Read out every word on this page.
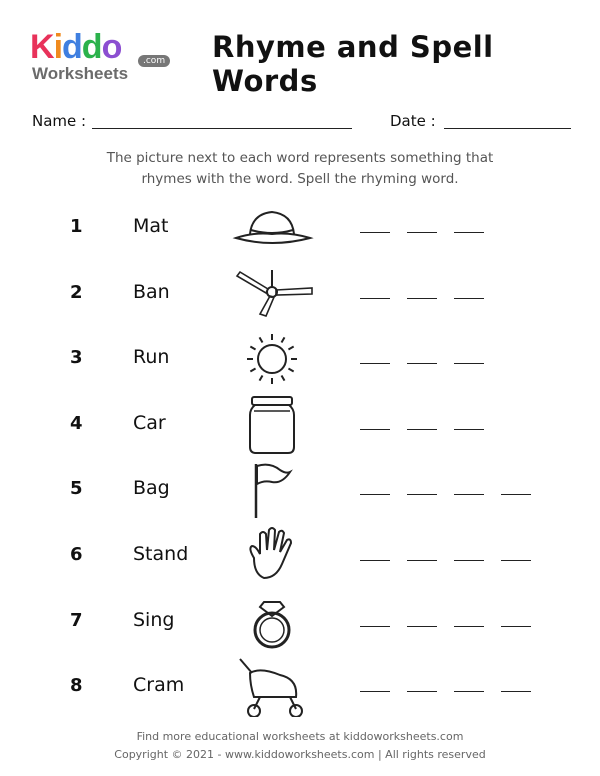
Kiddo
Worksheets
.com Rhyme and Spell Words
Name :	Date :
The picture next to each word represents something that
rhymes with the word. Spell the rhyming word.
1	Mat
2	Ban
3	Run
4	Car
5	Bag
6	Stand
7	Sing
8	Cram
Find more educational worksheets at kiddoworksheets.com
Copyright © 2021 - www.kiddoworksheets.com | All rights reserved
